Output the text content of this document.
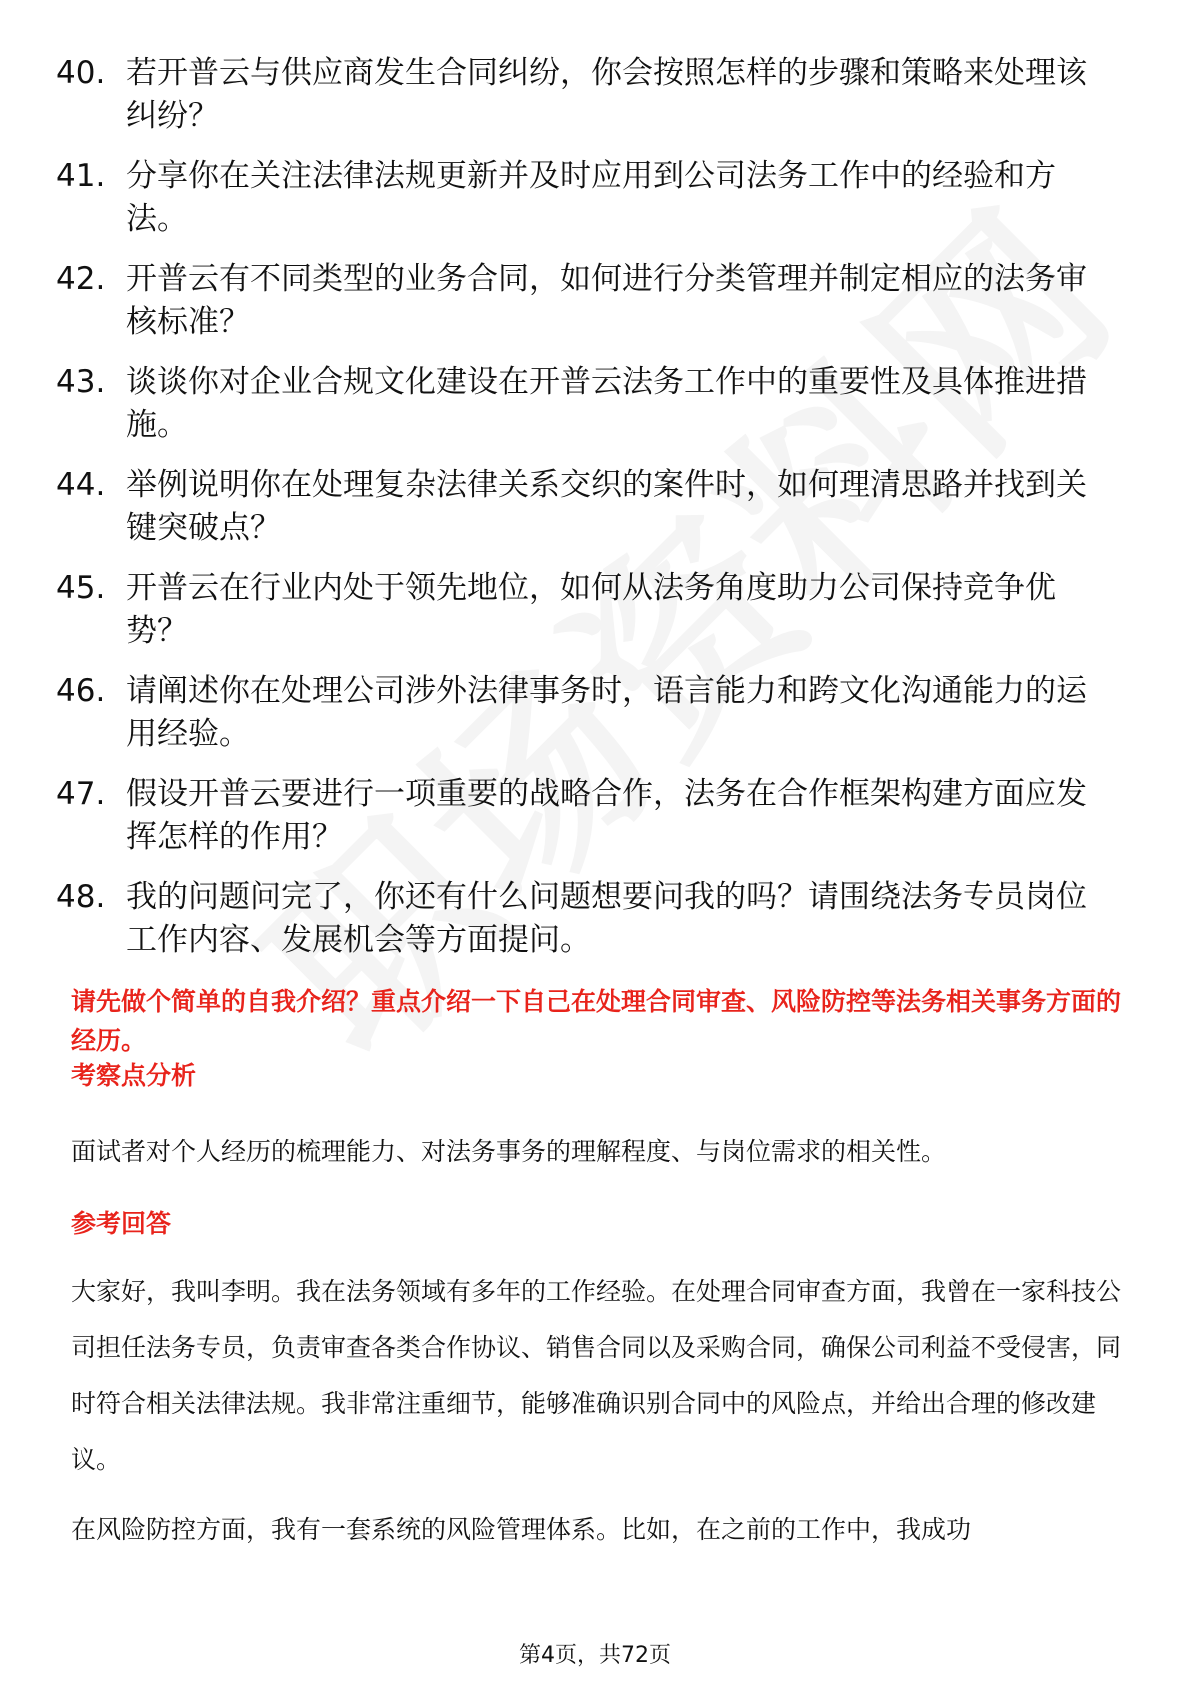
40. 若开普云与供应商发生合同纠纷，你会按照怎样的步骤和策略来处理该纠纷？
41. 分享你在关注法律法规更新并及时应用到公司法务工作中的经验和方法。
42. 开普云有不同类型的业务合同，如何进行分类管理并制定相应的法务审核标准？
43. 谈谈你对企业合规文化建设在开普云法务工作中的重要性及具体推进措施。
44. 举例说明你在处理复杂法律关系交织的案件时，如何理清思路并找到关键突破点？
45. 开普云在行业内处于领先地位，如何从法务角度助力公司保持竞争优势？
46. 请阐述你在处理公司涉外法律事务时，语言能力和跨文化沟通能力的运用经验。
47. 假设开普云要进行一项重要的战略合作，法务在合作框架构建方面应发挥怎样的作用？
48. 我的问题问完了，你还有什么问题想要问我的吗？请围绕法务专员岗位工作内容、发展机会等方面提问。

请先做个简单的自我介绍？重点介绍一下自己在处理合同审查、风险防控等法务相关事务方面的经历。

考察点分析

面试者对个人经历的梳理能力、对法务事务的理解程度、与岗位需求的相关性。

参考回答

大家好，我叫李明。我在法务领域有多年的工作经验。在处理合同审查方面，我曾在一家科技公司担任法务专员，负责审查各类合作协议、销售合同以及采购合同，确保公司利益不受侵害，同时符合相关法律法规。我非常注重细节，能够准确识别合同中的风险点，并给出合理的修改建议。

在风险防控方面，我有一套系统的风险管理体系。比如，在之前的工作中，我成功

第4页，共72页
